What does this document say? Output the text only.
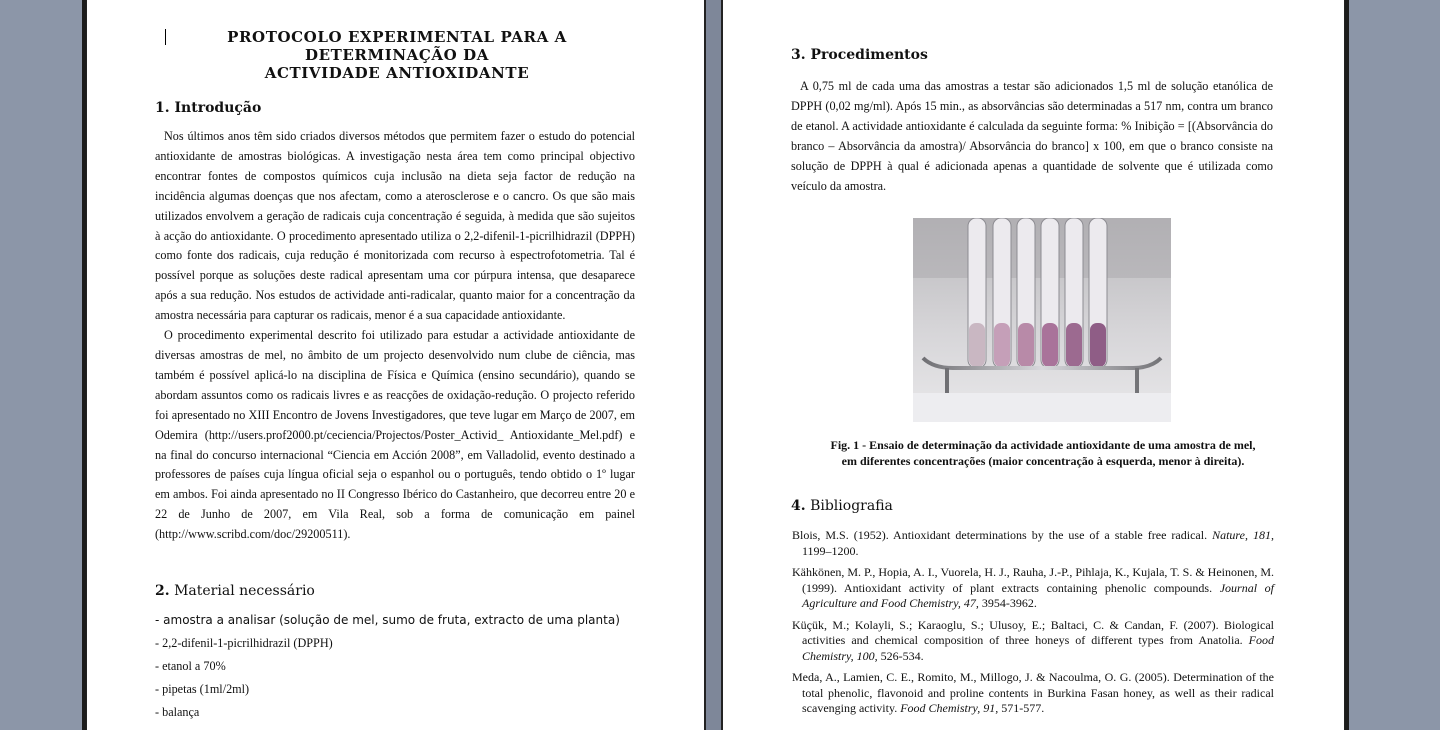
PROTOCOLO EXPERIMENTAL PARA A DETERMINAÇÃO DA
ACTIVIDADE ANTIOXIDANTE
1. Introdução

Nos últimos anos têm sido criados diversos métodos que permitem fazer o estudo do potencial antioxidante de amostras biológicas. A investigação nesta área tem como principal objectivo encontrar fontes de compostos químicos cuja inclusão na dieta seja factor de redução na incidência algumas doenças que nos afectam, como a aterosclerose e o cancro. Os que são mais utilizados envolvem a geração de radicais cuja concentração é seguida, à medida que são sujeitos à acção do antioxidante. O procedimento apresentado utiliza o 2,2-difenil-1-picrilhidrazil (DPPH) como fonte dos radicais, cuja redução é monitorizada com recurso à espectrofotometria. Tal é possível porque as soluções deste radical apresentam uma cor púrpura intensa, que desaparece após a sua redução. Nos estudos de actividade anti-radicalar, quanto maior for a concentração da amostra necessária para capturar os radicais, menor é a sua capacidade antioxidante.

O procedimento experimental descrito foi utilizado para estudar a actividade antioxidante de diversas amostras de mel, no âmbito de um projecto desenvolvido num clube de ciência, mas também é possível aplicá-lo na disciplina de Física e Química (ensino secundário), quando se abordam assuntos como os radicais livres e as reacções de oxidação-redução. O projecto referido foi apresentado no XIII Encontro de Jovens Investigadores, que teve lugar em Março de 2007, em Odemira (http://users.prof2000.pt/ceciencia/Projectos/Poster_Activid_ Antioxidante_Mel.pdf) e na final do concurso internacional “Ciencia em Acción 2008”, em Valladolid, evento destinado a professores de países cuja língua oficial seja o espanhol ou o português, tendo obtido o 1º lugar em ambos. Foi ainda apresentado no II Congresso Ibérico do Castanheiro, que decorreu entre 20 e 22 de Junho de 2007, em Vila Real, sob a forma de comunicação em painel (http://www.scribd.com/doc/29200511).

2. Material necessário
- amostra a analisar (solução de mel, sumo de fruta, extracto de uma planta)
- 2,2-difenil-1-picrilhidrazil (DPPH)
- etanol a 70%
- pipetas (1ml/2ml)
- balança
3. Procedimentos

A 0,75 ml de cada uma das amostras a testar são adicionados 1,5 ml de solução etanólica de DPPH (0,02 mg/ml). Após 15 min., as absorvâncias são determinadas a 517 nm, contra um branco de etanol. A actividade antioxidante é calculada da seguinte forma: % Inibição = [(Absorvância do branco – Absorvância da amostra)/ Absorvância do branco] x 100, em que o branco consiste na solução de DPPH à qual é adicionada apenas a quantidade de solvente que é utilizada como veículo da amostra.

Fig. 1 - Ensaio de determinação da actividade antioxidante de uma amostra de mel,
em diferentes concentrações (maior concentração à esquerda, menor à direita).

4. Bibliografia
Blois, M.S. (1952). Antioxidant determinations by the use of a stable free radical. Nature, 181, 1199–1200.
Kähkönen, M. P., Hopia, A. I., Vuorela, H. J., Rauha, J.-P., Pihlaja, K., Kujala, T. S. & Heinonen, M. (1999). Antioxidant activity of plant extracts containing phenolic compounds. Journal of Agriculture and Food Chemistry, 47, 3954-3962.
Küçük, M.; Kolayli, S.; Karaoglu, S.; Ulusoy, E.; Baltaci, C. & Candan, F. (2007). Biological activities and chemical composition of three honeys of different types from Anatolia. Food Chemistry, 100, 526-534.
Meda, A., Lamien, C. E., Romito, M., Millogo, J. & Nacoulma, O. G. (2005). Determination of the total phenolic, flavonoid and proline contents in Burkina Fasan honey, as well as their radical scavenging activity. Food Chemistry, 91, 571-577.
